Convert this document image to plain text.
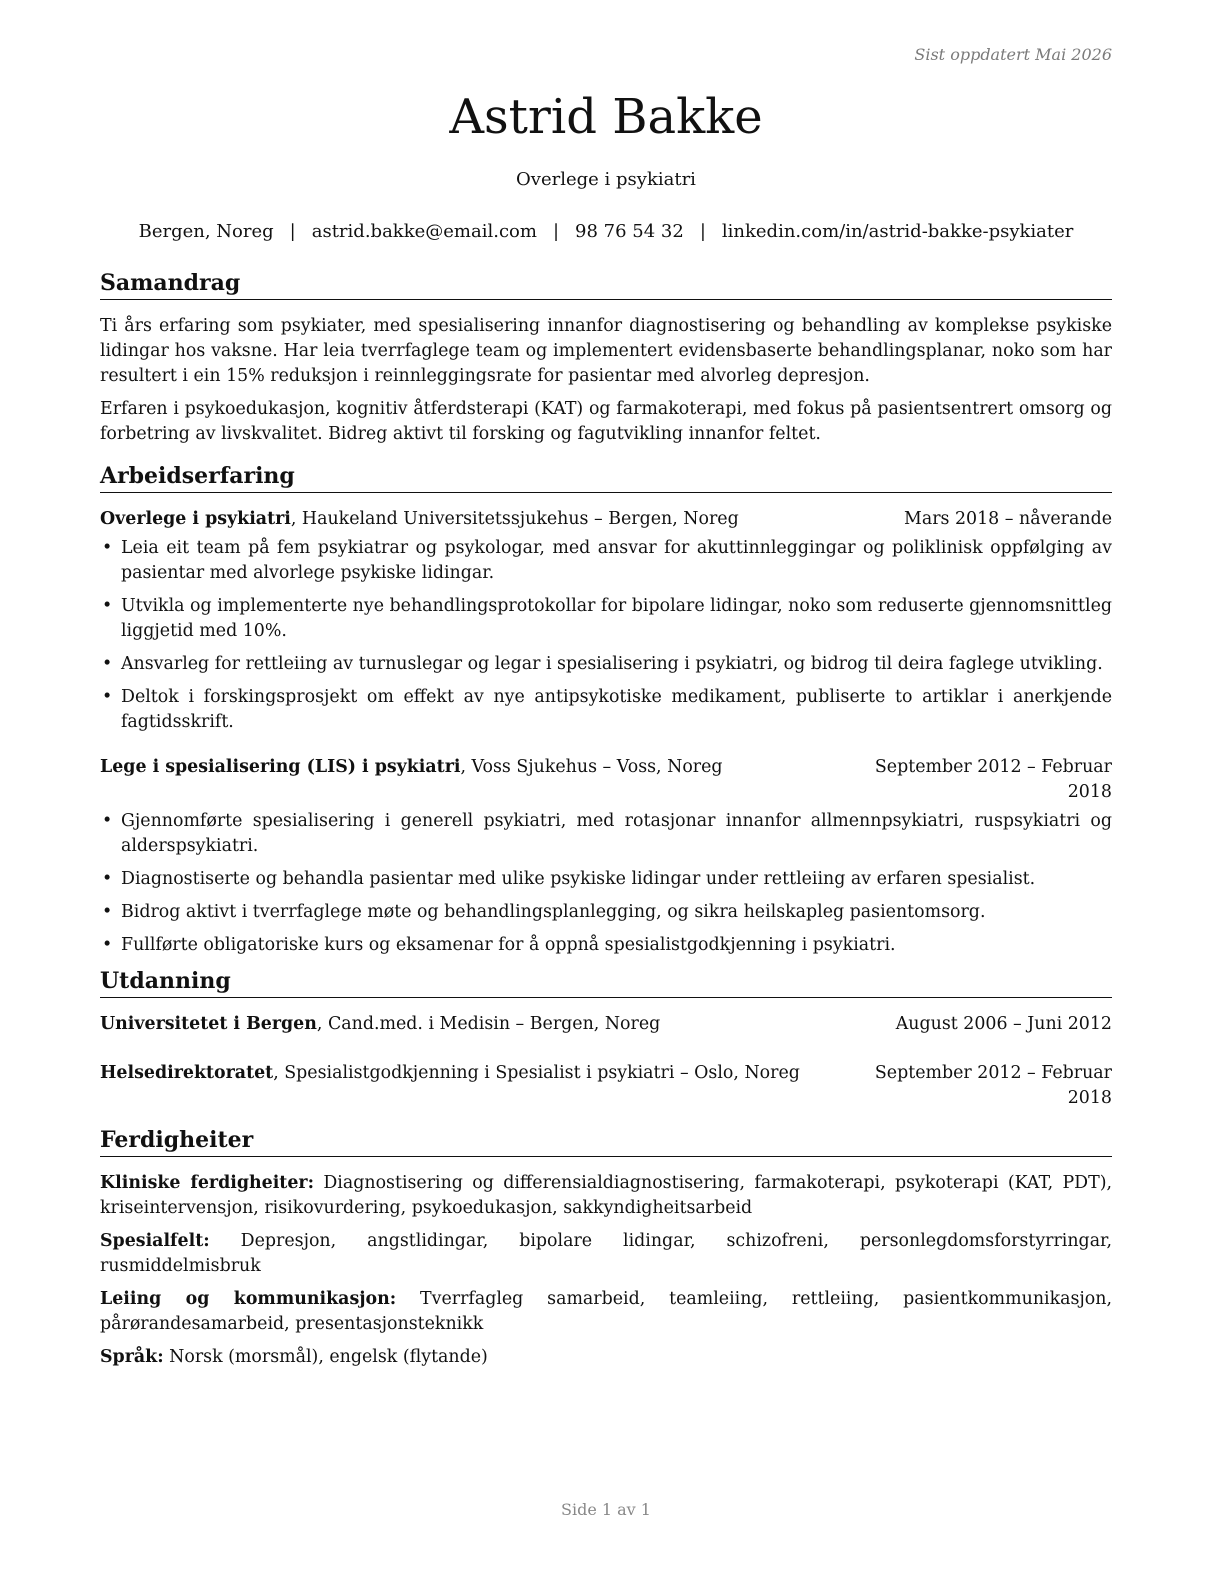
Sist oppdatert Mai 2026
Astrid Bakke
Overlege i psykiatri
Bergen, Noreg | astrid.bakke@email.com | 98 76 54 32 | linkedin.com/in/astrid-bakke-psykiater
Samandrag

Ti års erfaring som psykiater, med spesialisering innanfor diagnostisering og behandling av komplekse psykiske lidingar hos vaksne. Har leia tverrfaglege team og implementert evidensbaserte behandlingsplanar, noko som har resultert i ein 15% reduksjon i reinnleggingsrate for pasientar med alvorleg depresjon.

Erfaren i psykoedukasjon, kognitiv åtferdsterapi (KAT) og farmakoterapi, med fokus på pasientsentrert omsorg og forbetring av livskvalitet. Bidreg aktivt til forsking og fagutvikling innanfor feltet.

Arbeidserfaring
Overlege i psykiatri, Haukeland Universitetssjukehus – Bergen, Noreg	Mars 2018 – nåverande
• Leia eit team på fem psykiatrar og psykologar, med ansvar for akuttinnleggingar og poliklinisk oppfølging av pasientar med alvorlege psykiske lidingar.
• Utvikla og implementerte nye behandlingsprotokollar for bipolare lidingar, noko som reduserte gjennomsnittleg liggjetid med 10%.
• Ansvarleg for rettleiing av turnuslegar og legar i spesialisering i psykiatri, og bidrog til deira faglege utvikling.
• Deltok i forskingsprosjekt om effekt av nye antipsykotiske medikament, publiserte to artiklar i anerkjende fagtidsskrift.
Lege i spesialisering (LIS) i psykiatri, Voss Sjukehus – Voss, Noreg	September 2012 – Februar 2018
• Gjennomførte spesialisering i generell psykiatri, med rotasjonar innanfor allmennpsykiatri, ruspsykiatri og alderspsykiatri.
• Diagnostiserte og behandla pasientar med ulike psykiske lidingar under rettleiing av erfaren spesialist.
• Bidrog aktivt i tverrfaglege møte og behandlingsplanlegging, og sikra heilskapleg pasientomsorg.
• Fullførte obligatoriske kurs og eksamenar for å oppnå spesialistgodkjenning i psykiatri.
Utdanning
Universitetet i Bergen, Cand.med. i Medisin – Bergen, Noreg	August 2006 – Juni 2012
Helsedirektoratet, Spesialistgodkjenning i Spesialist i psykiatri – Oslo, Noreg	September 2012 – Februar 2018
Ferdigheiter

Kliniske ferdigheiter: Diagnostisering og differensialdiagnostisering, farmakoterapi, psykoterapi (KAT, PDT), kriseintervensjon, risikovurdering, psykoedukasjon, sakkyndigheitsarbeid

Spesialfelt: Depresjon, angstlidingar, bipolare lidingar, schizofreni, personlegdomsforstyrringar, rusmiddelmisbruk

Leiing og kommunikasjon: Tverrfagleg samarbeid, teamleiing, rettleiing, pasientkommunikasjon, pårørandesamarbeid, presentasjonsteknikk

Språk: Norsk (morsmål), engelsk (flytande)

Side 1 av 1
